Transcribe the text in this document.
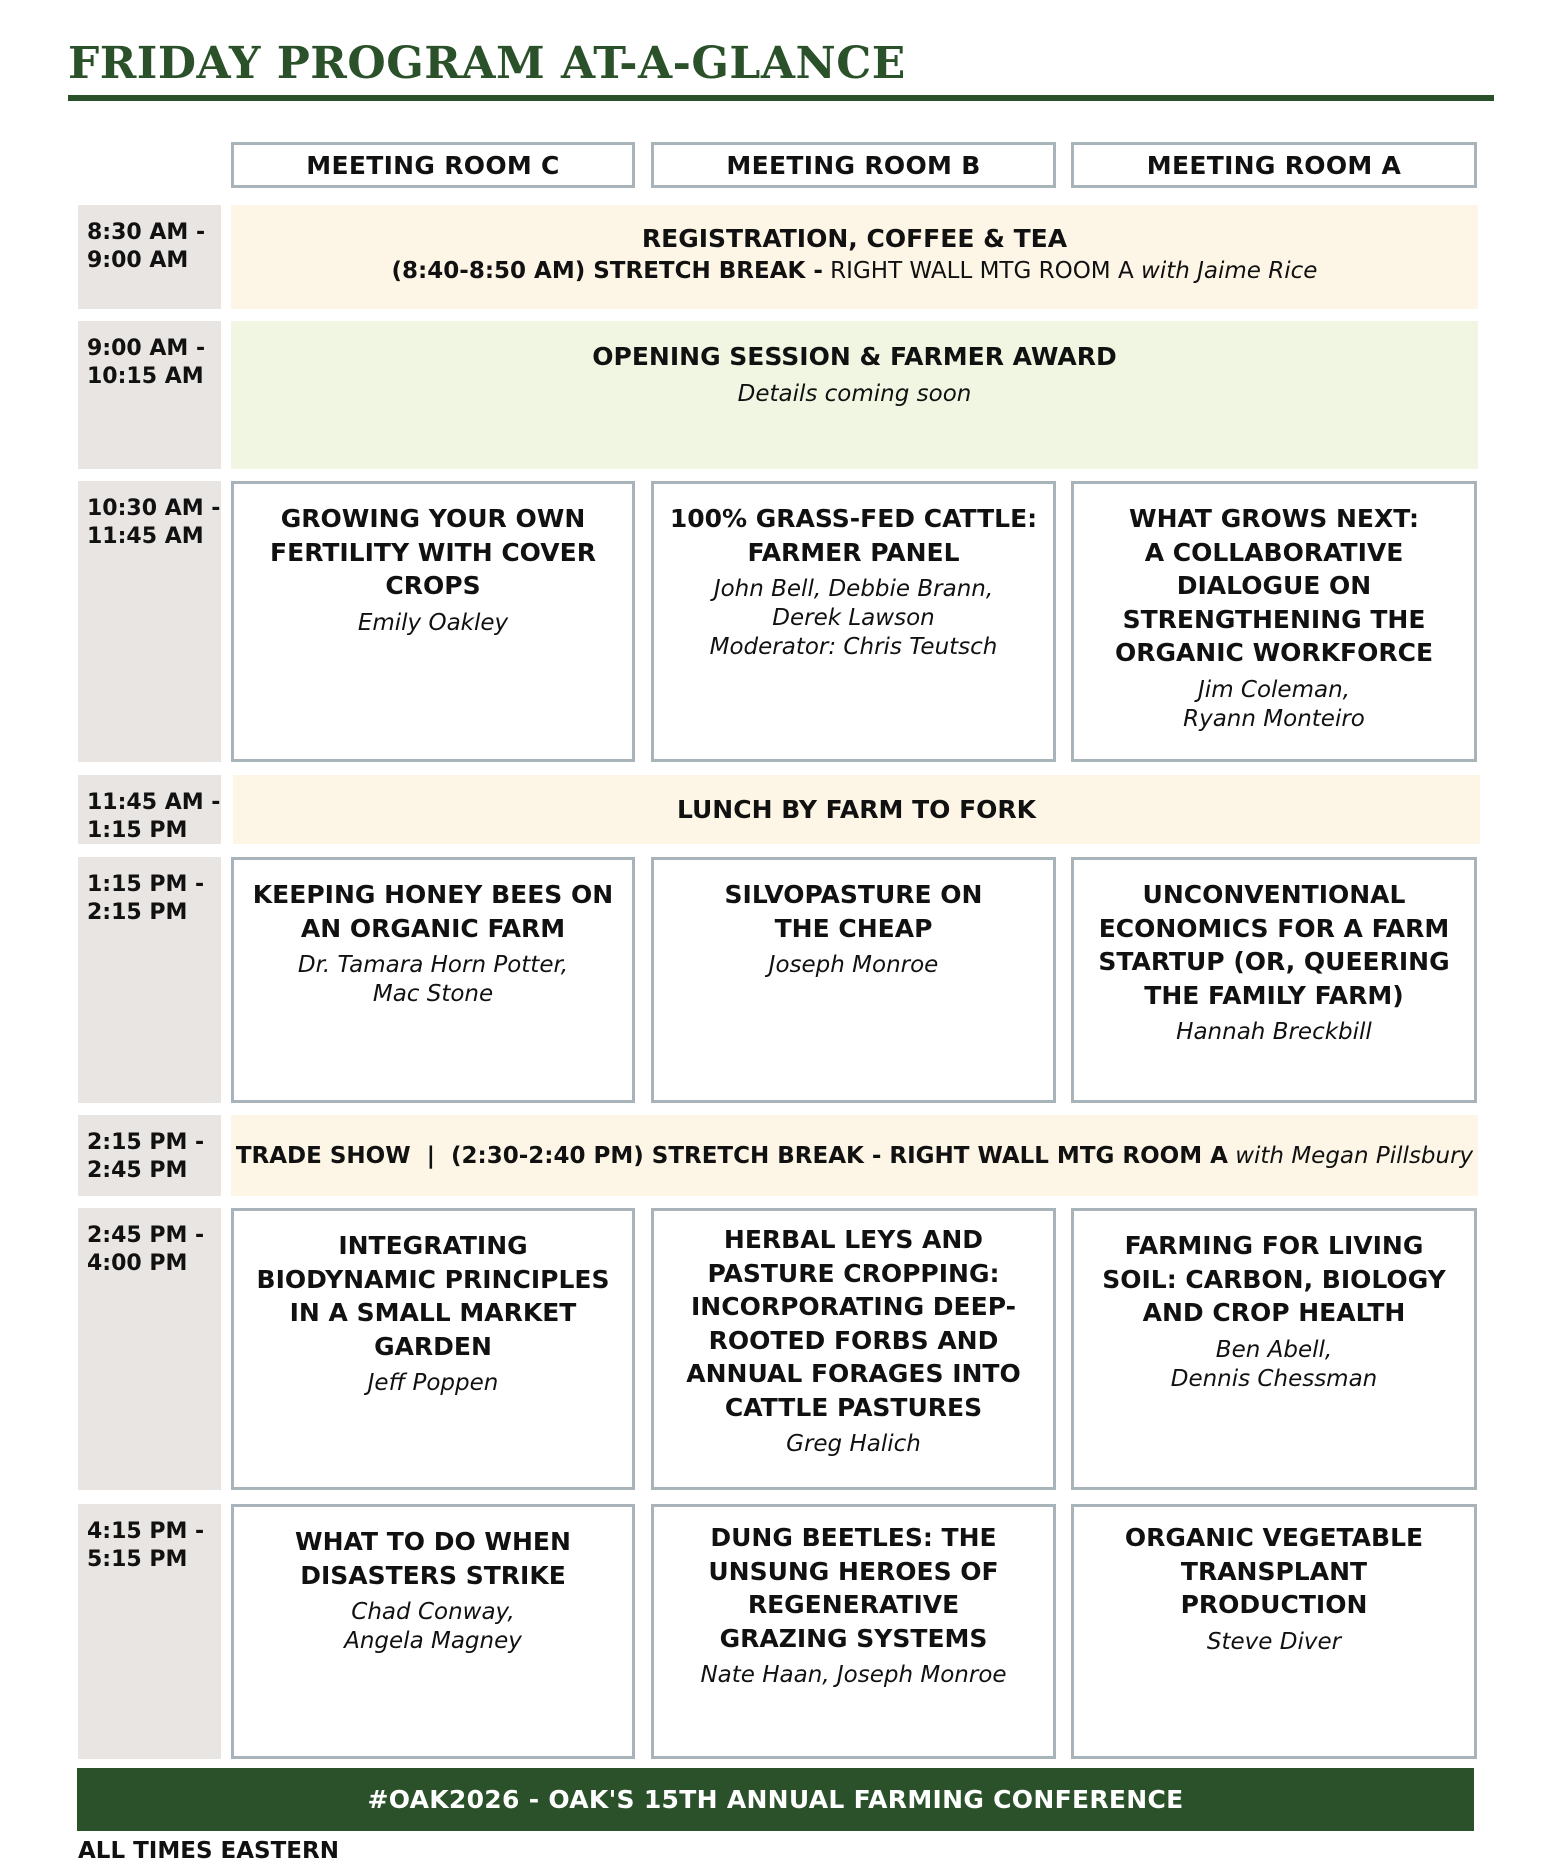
FRIDAY PROGRAM AT-A-GLANCE
MEETING ROOM C	MEETING ROOM B	MEETING ROOM A
8:30 AM -
9:00 AM
9:00 AM -
10:15 AM
10:30 AM -
11:45 AM
11:45 AM -
1:15 PM
1:15 PM -
2:15 PM
2:15 PM -
2:45 PM
2:45 PM -
4:00 PM
4:15 PM -
5:15 PM
REGISTRATION, COFFEE & TEA
(8:40-8:50 AM) STRETCH BREAK - RIGHT WALL MTG ROOM A with Jaime Rice
OPENING SESSION & FARMER AWARD
Details coming soon
GROWING YOUR OWN
FERTILITY WITH COVER
CROPS
Emily Oakley
100% GRASS-FED CATTLE:
FARMER PANEL
John Bell, Debbie Brann,
Derek Lawson
Moderator: Chris Teutsch
WHAT GROWS NEXT:
A COLLABORATIVE
DIALOGUE ON
STRENGTHENING THE
ORGANIC WORKFORCE
Jim Coleman,
Ryann Monteiro
LUNCH BY FARM TO FORK
KEEPING HONEY BEES ON
AN ORGANIC FARM
Dr. Tamara Horn Potter,
Mac Stone
SILVOPASTURE ON
THE CHEAP
Joseph Monroe
UNCONVENTIONAL
ECONOMICS FOR A FARM
STARTUP (OR, QUEERING
THE FAMILY FARM)
Hannah Breckbill
TRADE SHOW  |  (2:30-2:40 PM) STRETCH BREAK - RIGHT WALL MTG ROOM A with Megan Pillsbury
INTEGRATING
BIODYNAMIC PRINCIPLES
IN A SMALL MARKET
GARDEN
Jeff Poppen
HERBAL LEYS AND
PASTURE CROPPING:
INCORPORATING DEEP-
ROOTED FORBS AND
ANNUAL FORAGES INTO
CATTLE PASTURES
Greg Halich
FARMING FOR LIVING
SOIL: CARBON, BIOLOGY
AND CROP HEALTH
Ben Abell,
Dennis Chessman
WHAT TO DO WHEN
DISASTERS STRIKE
Chad Conway,
Angela Magney
DUNG BEETLES: THE
UNSUNG HEROES OF
REGENERATIVE
GRAZING SYSTEMS
Nate Haan, Joseph Monroe
ORGANIC VEGETABLE
TRANSPLANT
PRODUCTION
Steve Diver
#OAK2026 - OAK'S 15TH ANNUAL FARMING CONFERENCE
ALL TIMES EASTERN
